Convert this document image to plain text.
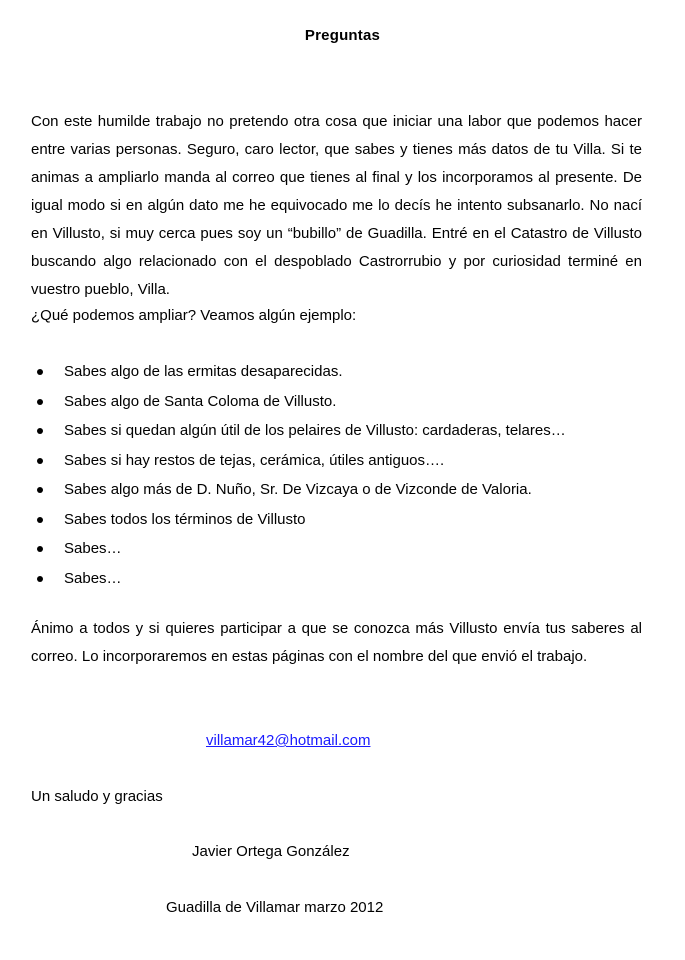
Preguntas

Con este humilde trabajo no pretendo otra cosa que iniciar una labor que podemos hacer entre varias personas. Seguro, caro lector, que sabes y tienes más datos de tu Villa. Si te animas a ampliarlo manda al correo que tienes al final y los incorporamos al presente. De igual modo si en algún dato me he equivocado me lo decís he intento subsanarlo. No nací en Villusto, si muy cerca pues soy un “bubillo” de Guadilla. Entré en el Catastro de Villusto buscando algo relacionado con el despoblado Castrorrubio y por curiosidad terminé en vuestro pueblo, Villa.

¿Qué podemos ampliar? Veamos algún ejemplo:

Sabes algo de las ermitas desaparecidas.
Sabes algo de Santa Coloma de Villusto.
Sabes si quedan algún útil de los pelaires de Villusto: cardaderas, telares…
Sabes si hay restos de tejas, cerámica, útiles antiguos….
Sabes algo más de D. Nuño, Sr. De Vizcaya o de Vizconde de Valoria.
Sabes todos los términos de Villusto
Sabes…
Sabes…

Ánimo a todos y si quieres participar a que se conozca más Villusto envía tus saberes al correo. Lo incorporaremos en estas páginas con el nombre del que envió el trabajo.

villamar42@hotmail.com
Un saludo y gracias
Javier Ortega González
Guadilla de Villamar marzo 2012
